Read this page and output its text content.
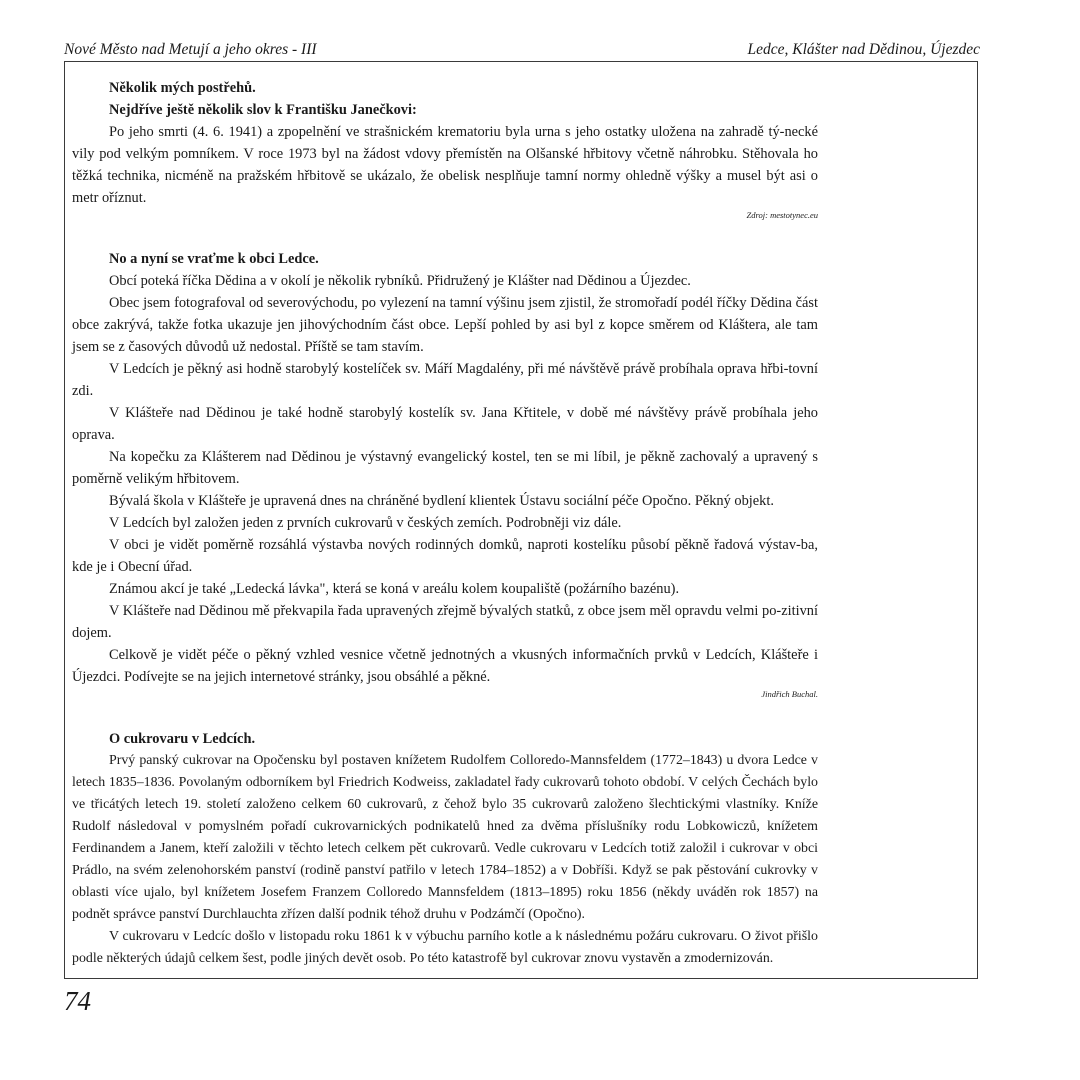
Nové Město nad Metují a jeho okres - III	Ledce, Klášter nad Dědinou, Újezdec

Několik mých postřehů.

Nejdříve ještě několik slov k Františku Janečkovi:

Po jeho smrti (4. 6. 1941) a zpopelnění ve strašnickém krematoriu byla urna s jeho ostatky uložena na zahradě tý-necké vily pod velkým pomníkem. V roce 1973 byl na žádost vdovy přemístěn na Olšanské hřbitovy včetně náhrobku. Stěhovala ho těžká technika, nicméně na pražském hřbitově se ukázalo, že obelisk nesplňuje tamní normy ohledně výšky a musel být asi o metr oříznut.

Zdroj: mestotynec.eu

No a nyní se vraťme k obci Ledce.

Obcí poteká říčka Dědina a v okolí je několik rybníků. Přidružený je Klášter nad Dědinou a Újezdec.

Obec jsem fotografoval od severovýchodu, po vylezení na tamní výšinu jsem zjistil, že stromořadí podél říčky Dědina část obce zakrývá, takže fotka ukazuje jen jihovýchodním část obce. Lepší pohled by asi byl z kopce směrem od Kláštera, ale tam jsem se z časových důvodů už nedostal. Příště se tam stavím.

V Ledcích je pěkný asi hodně starobylý kostelíček sv. Máří Magdalény, při mé návštěvě právě probíhala oprava hřbi-tovní zdi.

V Klášteře nad Dědinou je také hodně starobylý kostelík sv. Jana Křtitele, v době mé návštěvy právě probíhala jeho oprava.

Na kopečku za Klášterem nad Dědinou je výstavný evangelický kostel, ten se mi líbil, je pěkně zachovalý a upravený s poměrně velikým hřbitovem.

Bývalá škola v Klášteře je upravená dnes na chráněné bydlení klientek Ústavu sociální péče Opočno. Pěkný objekt.

V Ledcích byl založen jeden z prvních cukrovarů v českých zemích. Podrobněji viz dále.

V obci je vidět poměrně rozsáhlá výstavba nových rodinných domků, naproti kostelíku působí pěkně řadová výstav-ba, kde je i Obecní úřad.

Známou akcí je také „Ledecká lávka", která se koná v areálu kolem koupaliště (požárního bazénu).

V Klášteře nad Dědinou mě překvapila řada upravených zřejmě bývalých statků, z obce jsem měl opravdu velmi po-zitivní dojem.

Celkově je vidět péče o pěkný vzhled vesnice včetně jednotných a vkusných informačních prvků v Ledcích, Klášteře i Újezdci. Podívejte se na jejich internetové stránky, jsou obsáhlé a pěkné.

Jindřich Buchal.

O cukrovaru v Ledcích.

Prvý panský cukrovar na Opočensku byl postaven knížetem Rudolfem Colloredo-Mannsfeldem (1772–1843) u dvora Ledce v letech 1835–1836. Povolaným odborníkem byl Friedrich Kodweiss, zakladatel řady cukrovarů tohoto období. V celých Čechách bylo ve třicátých letech 19. století založeno celkem 60 cukrovarů, z čehož bylo 35 cukrovarů založeno šlechtickými vlastníky. Kníže Rudolf následoval v pomyslném pořadí cukrovarnických podnikatelů hned za dvěma příslušníky rodu Lobkowiczů, knížetem Ferdinandem a Janem, kteří založili v těchto letech celkem pět cukrovarů. Vedle cukrovaru v Ledcích totiž založil i cukrovar v obci Prádlo, na svém zelenohorském panství (rodině panství patřilo v letech 1784–1852) a v Dobříši. Když se pak pěstování cukrovky v oblasti více ujalo, byl knížetem Josefem Franzem Colloredo Mannsfeldem (1813–1895) roku 1856 (někdy uváděn rok 1857) na podnět správce panství Durchlauchta zřízen další podnik téhož druhu v Podzámčí (Opočno).

V cukrovaru v Ledcíc došlo v listopadu roku 1861 k v výbuchu parního kotle a k následnému požáru cukrovaru. O život přišlo podle některých údajů celkem šest, podle jiných devět osob. Po této katastrofě byl cukrovar znovu vystavěn a zmodernizován.

74
